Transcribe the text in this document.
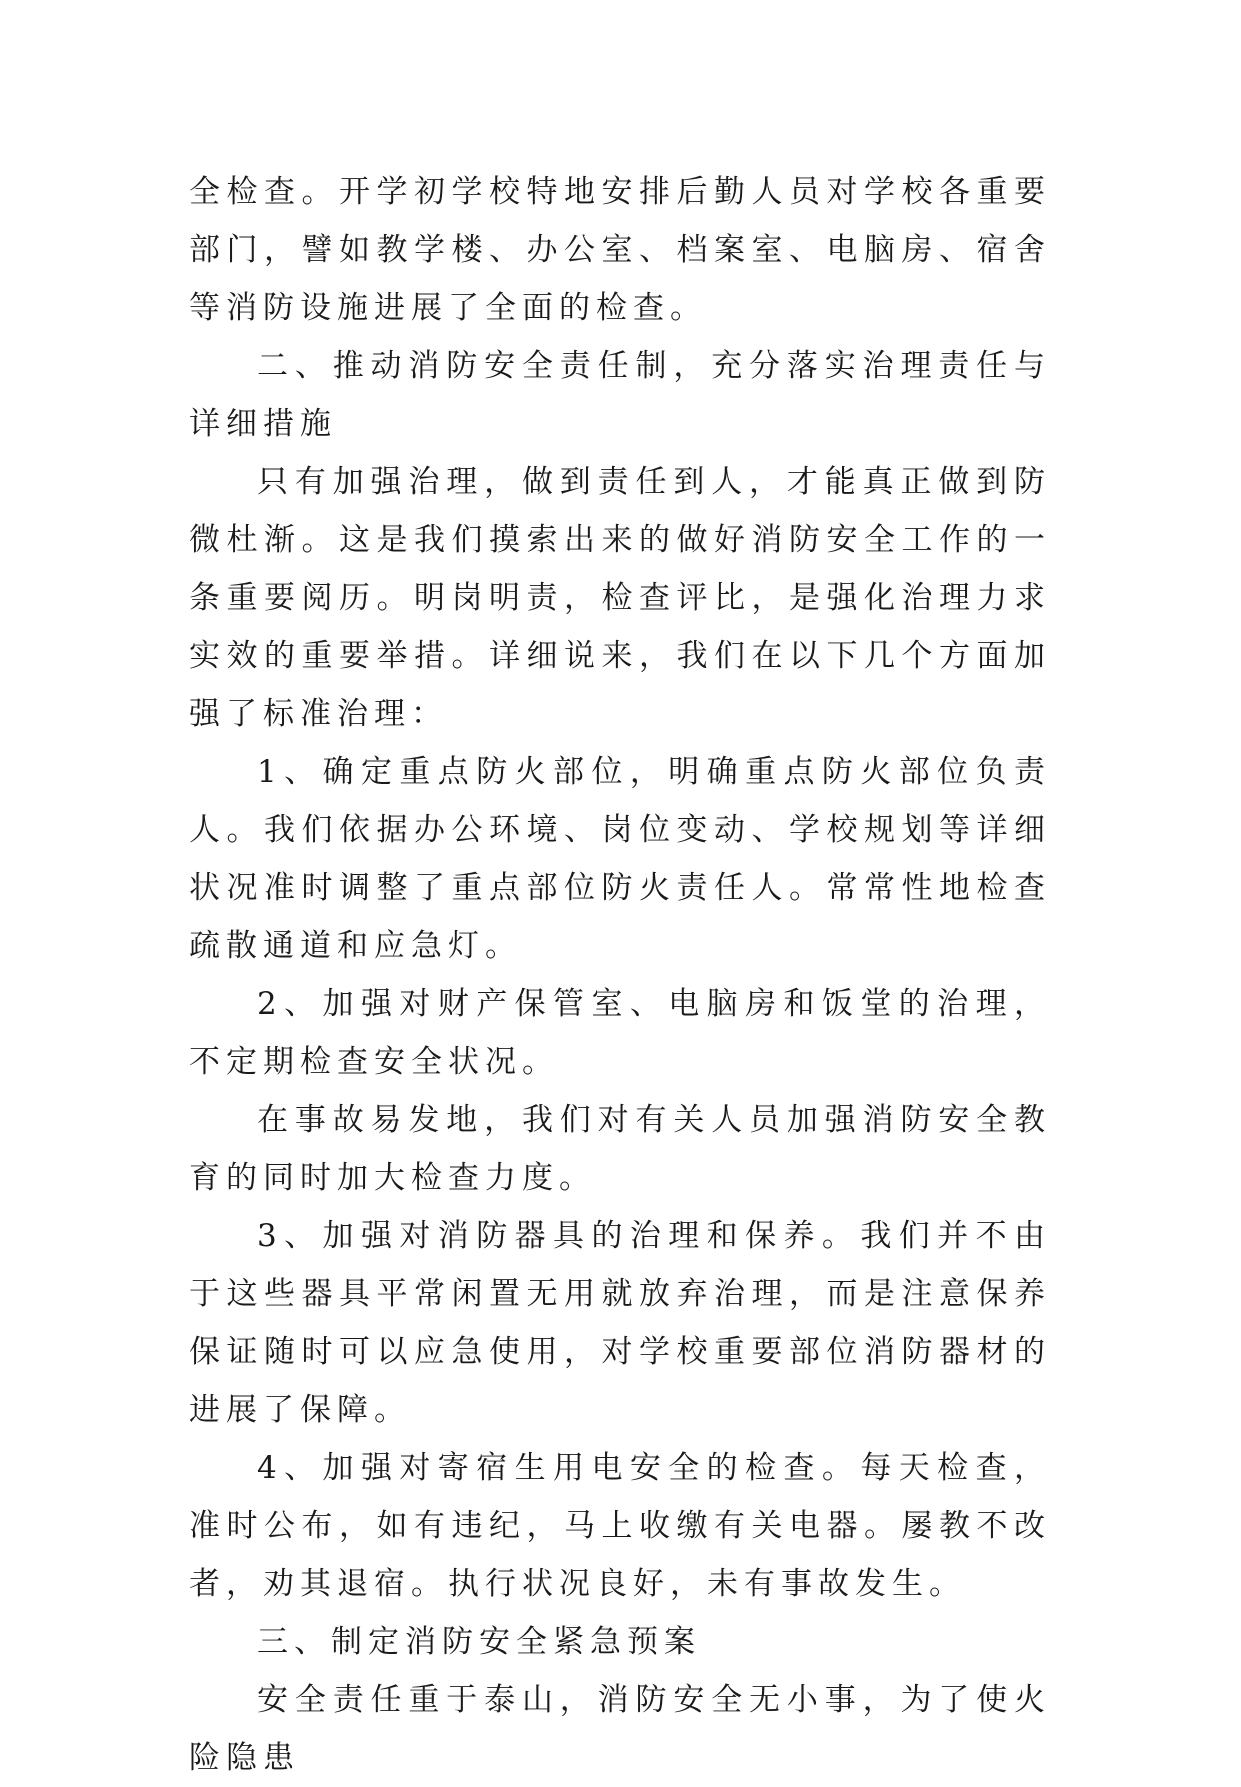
全检查。开学初学校特地安排后勤人员对学校各重要部门，譬如教学楼、办公室、档案室、电脑房、宿舍等消防设施进展了全面的检查。

二、推动消防安全责任制，充分落实治理责任与详细措施

只有加强治理，做到责任到人，才能真正做到防微杜渐。这是我们摸索出来的做好消防安全工作的一条重要阅历。明岗明责，检查评比，是强化治理力求实效的重要举措。详细说来，我们在以下几个方面加强了标准治理：

1、确定重点防火部位，明确重点防火部位负责人。我们依据办公环境、岗位变动、学校规划等详细状况准时调整了重点部位防火责任人。常常性地检查疏散通道和应急灯。

2、加强对财产保管室、电脑房和饭堂的治理，不定期检查安全状况。

在事故易发地，我们对有关人员加强消防安全教育的同时加大检查力度。

3、加强对消防器具的治理和保养。我们并不由于这些器具平常闲置无用就放弃治理，而是注意保养保证随时可以应急使用，对学校重要部位消防器材的进展了保障。

4、加强对寄宿生用电安全的检查。每天检查，准时公布，如有违纪，马上收缴有关电器。屡教不改者，劝其退宿。执行状况良好，未有事故发生。

三、制定消防安全紧急预案

安全责任重于泰山，消防安全无小事，为了使火险隐患
